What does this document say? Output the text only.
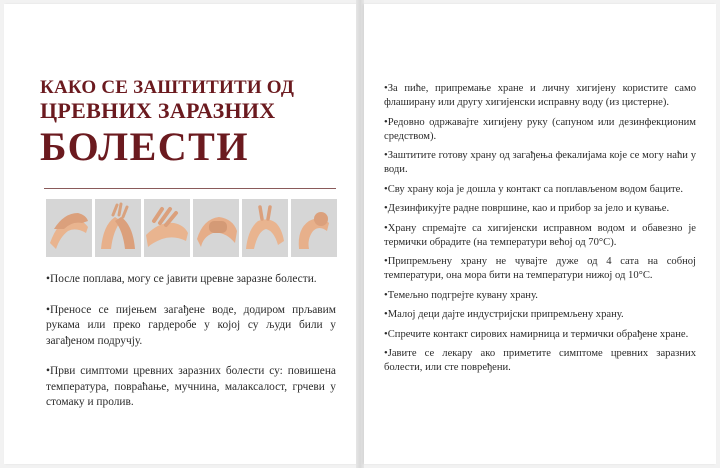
КАКО СЕ ЗАШТИТИТИ ОД
ЦРЕВНИХ ЗАРАЗНИХ
БОЛЕСТИ

•После поплава, могу се јавити цревне заразне болести.

•Преносе се пијењем загађене воде, додиром прљавим рукама или преко гардеробе у којој су људи били у загађеном подручју.

•Први симптоми цревних заразних болести су: повишена температура, повраћање, мучнина, малаксалост, грчеви у стомаку и пролив.

•За пиће, припремање хране и личну хигијену користите само флаширану или другу хигијенски исправну воду (из цистерне).

•Редовно одржавајте хигијену руку (сапуном или дезинфекционим средством).

•Заштитите готову храну од загађења фекалијама које се могу наћи у води.

•Сву храну која је дошла у контакт са поплављеном водом баците.

•Дезинфикујте радне површине, као и прибор за јело и кување.

•Храну спремајте са хигијенски исправном водом и обавезно је термички обрадите (на температури већој од 70°C).

•Припремљену храну не чувајте дуже од 4 сата на собној температури, она мора бити на температури нижој од 10°C.

•Темељно подгрејте кувану храну.

•Малој деци дајте индустријски припремљену храну.

•Спречите контакт сирових намирница и термички обрађене хране.

•Јавите се лекару ако приметите симптоме цревних заразних болести, или сте повређени.
